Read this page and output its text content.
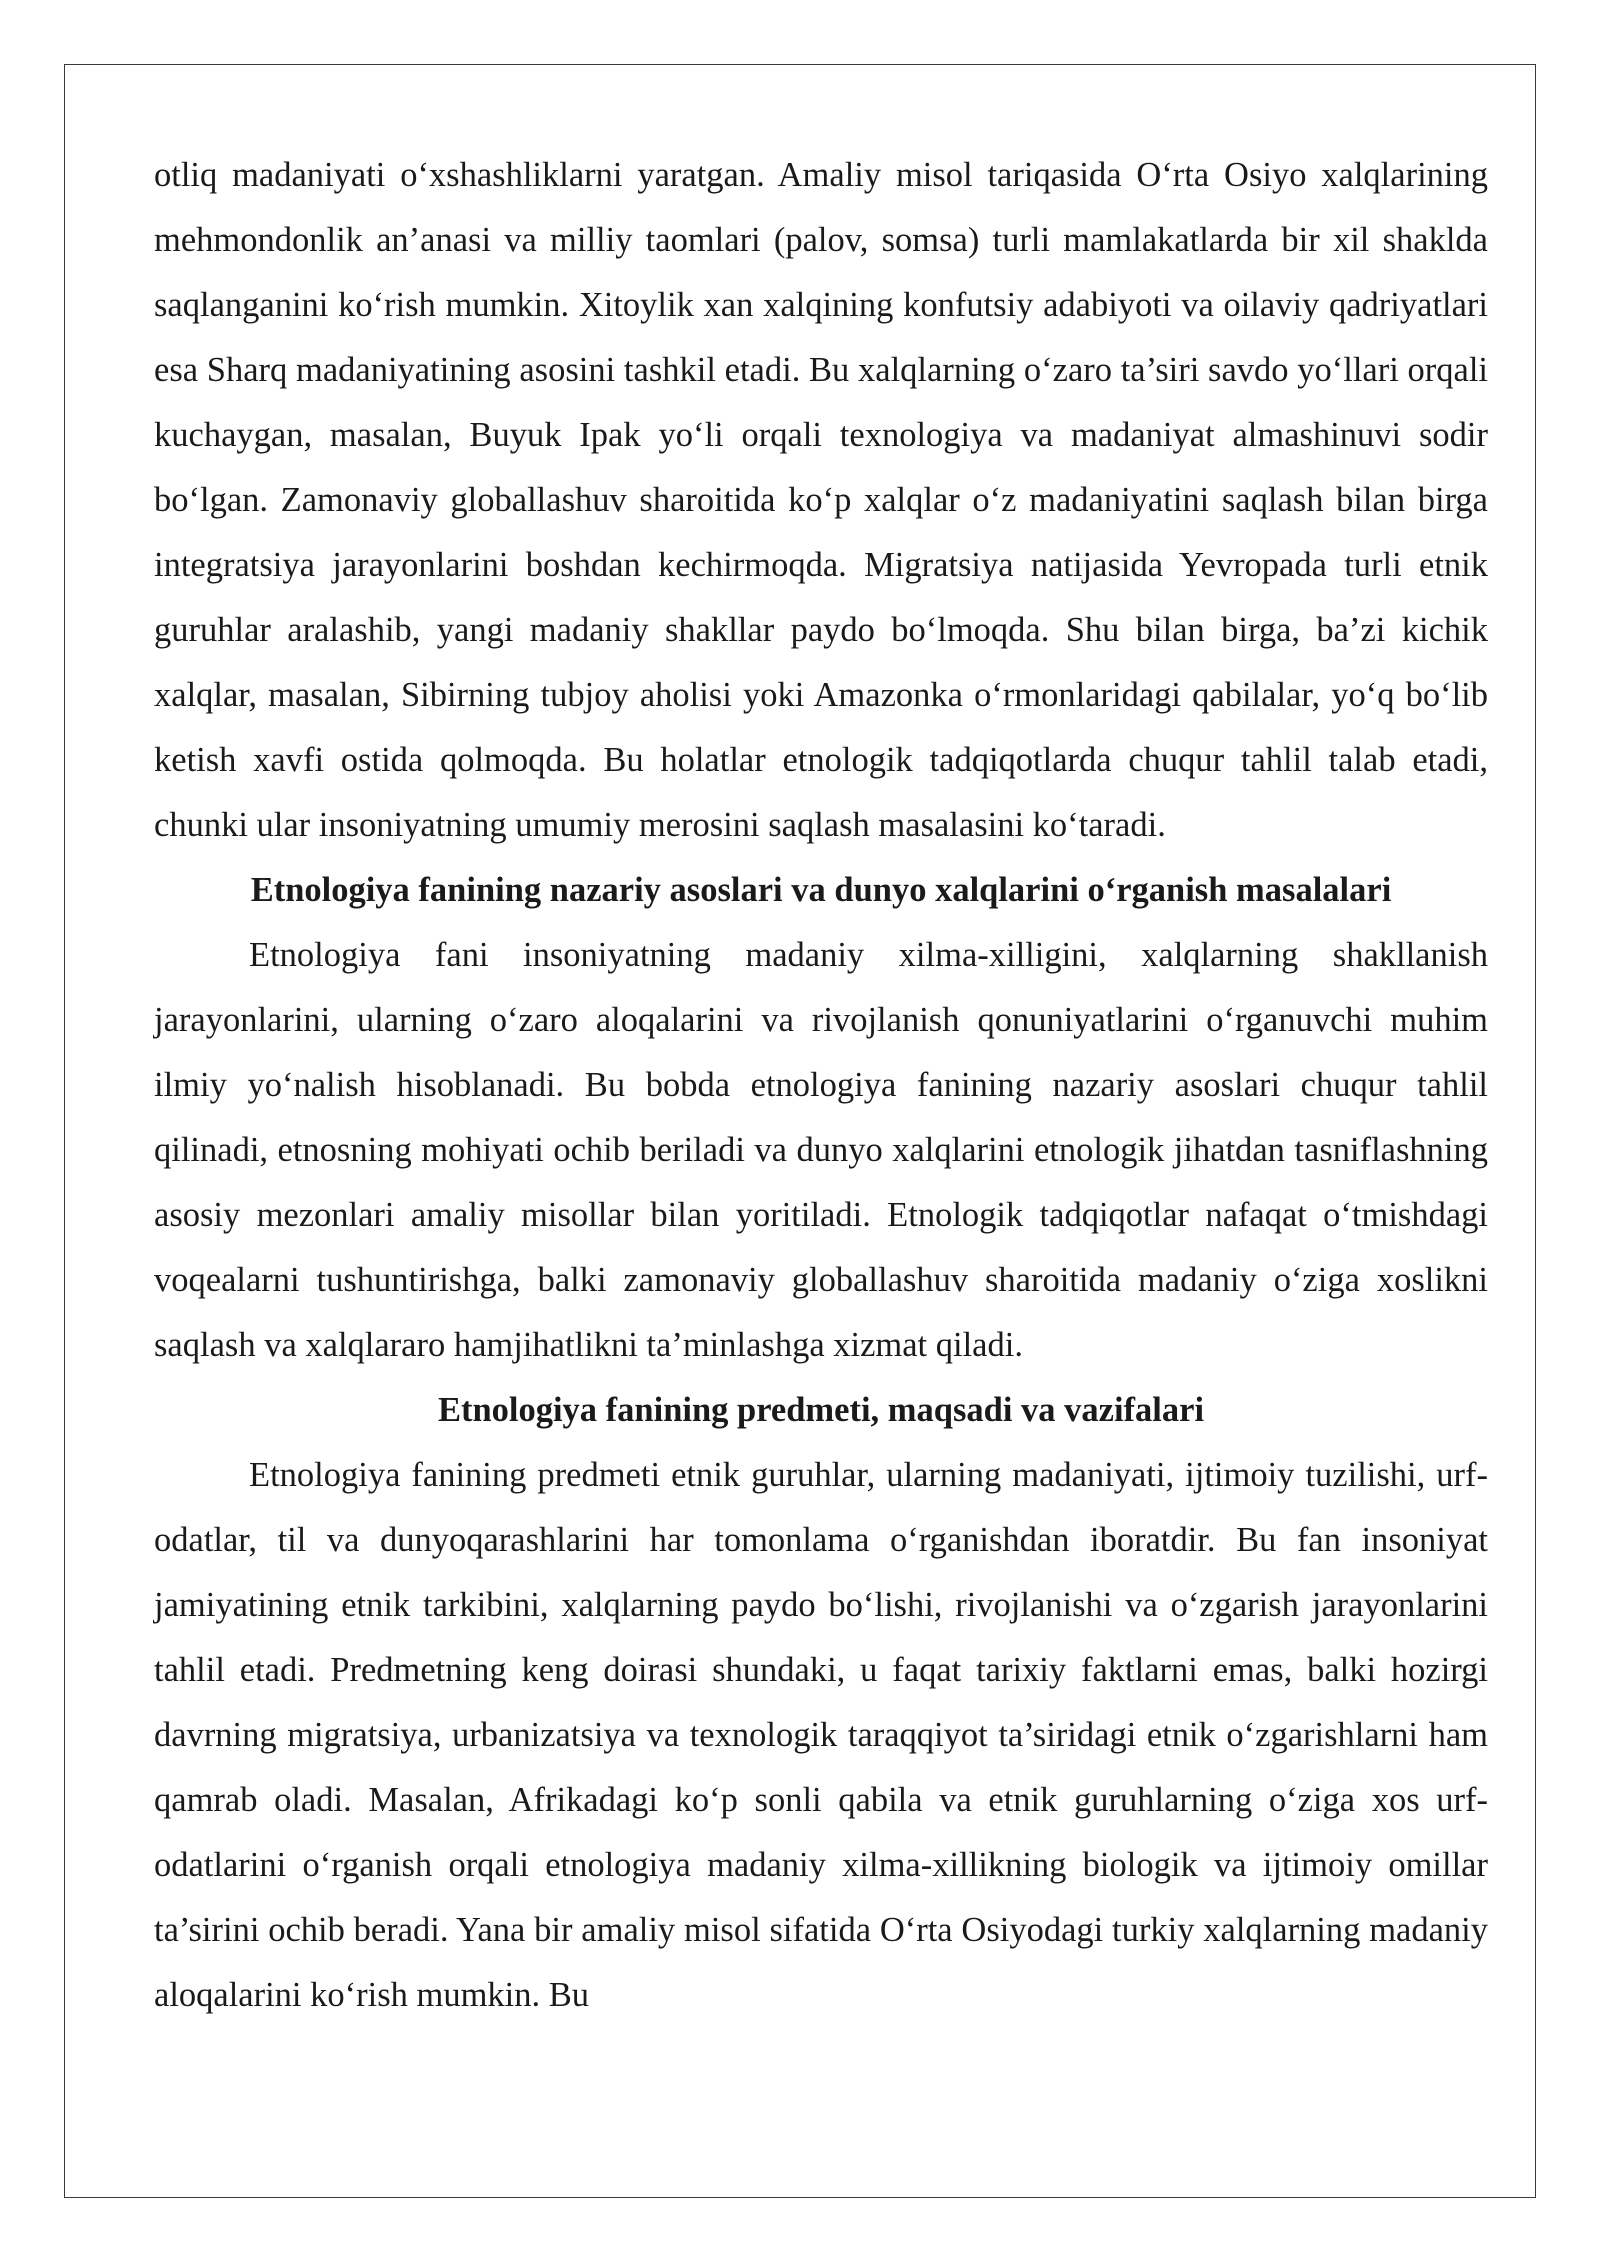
otliq madaniyati oʻxshashliklarni yaratgan. Amaliy misol tariqasida Oʻrta Osiyo xalqlarining mehmondonlik an’anasi va milliy taomlari (palov, somsa) turli mamlakatlarda bir xil shaklda saqlanganini koʻrish mumkin. Xitoylik xan xalqining konfutsiy adabiyoti va oilaviy qadriyatlari esa Sharq madaniyatining asosini tashkil etadi. Bu xalqlarning oʻzaro ta’siri savdo yoʻllari orqali kuchaygan, masalan, Buyuk Ipak yoʻli orqali texnologiya va madaniyat almashinuvi sodir boʻlgan. Zamonaviy globallashuv sharoitida koʻp xalqlar oʻz madaniyatini saqlash bilan birga integratsiya jarayonlarini boshdan kechirmoqda. Migratsiya natijasida Yevropada turli etnik guruhlar aralashib, yangi madaniy shakllar paydo boʻlmoqda. Shu bilan birga, ba’zi kichik xalqlar, masalan, Sibirning tubjoy aholisi yoki Amazonka oʻrmonlaridagi qabilalar, yoʻq boʻlib ketish xavfi ostida qolmoqda. Bu holatlar etnologik tadqiqotlarda chuqur tahlil talab etadi, chunki ular insoniyatning umumiy merosini saqlash masalasini koʻtaradi.

Etnologiya fanining nazariy asoslari va dunyo xalqlarini oʻrganish masalalari

Etnologiya fani insoniyatning madaniy xilma-xilligini, xalqlarning shakllanish jarayonlarini, ularning oʻzaro aloqalarini va rivojlanish qonuniyatlarini oʻrganuvchi muhim ilmiy yoʻnalish hisoblanadi. Bu bobda etnologiya fanining nazariy asoslari chuqur tahlil qilinadi, etnosning mohiyati ochib beriladi va dunyo xalqlarini etnologik jihatdan tasniflashning asosiy mezonlari amaliy misollar bilan yoritiladi. Etnologik tadqiqotlar nafaqat oʻtmishdagi voqealarni tushuntirishga, balki zamonaviy globallashuv sharoitida madaniy oʻziga xoslikni saqlash va xalqlararo hamjihatlikni ta’minlashga xizmat qiladi.

Etnologiya fanining predmeti, maqsadi va vazifalari

Etnologiya fanining predmeti etnik guruhlar, ularning madaniyati, ijtimoiy tuzilishi, urf-odatlar, til va dunyoqarashlarini har tomonlama oʻrganishdan iboratdir. Bu fan insoniyat jamiyatining etnik tarkibini, xalqlarning paydo boʻlishi, rivojlanishi va oʻzgarish jarayonlarini tahlil etadi. Predmetning keng doirasi shundaki, u faqat tarixiy faktlarni emas, balki hozirgi davrning migratsiya, urbanizatsiya va texnologik taraqqiyot ta’siridagi etnik oʻzgarishlarni ham qamrab oladi. Masalan, Afrikadagi koʻp sonli qabila va etnik guruhlarning oʻziga xos urf-odatlarini oʻrganish orqali etnologiya madaniy xilma-xillikning biologik va ijtimoiy omillar ta’sirini ochib beradi. Yana bir amaliy misol sifatida Oʻrta Osiyodagi turkiy xalqlarning madaniy aloqalarini koʻrish mumkin. Bu
